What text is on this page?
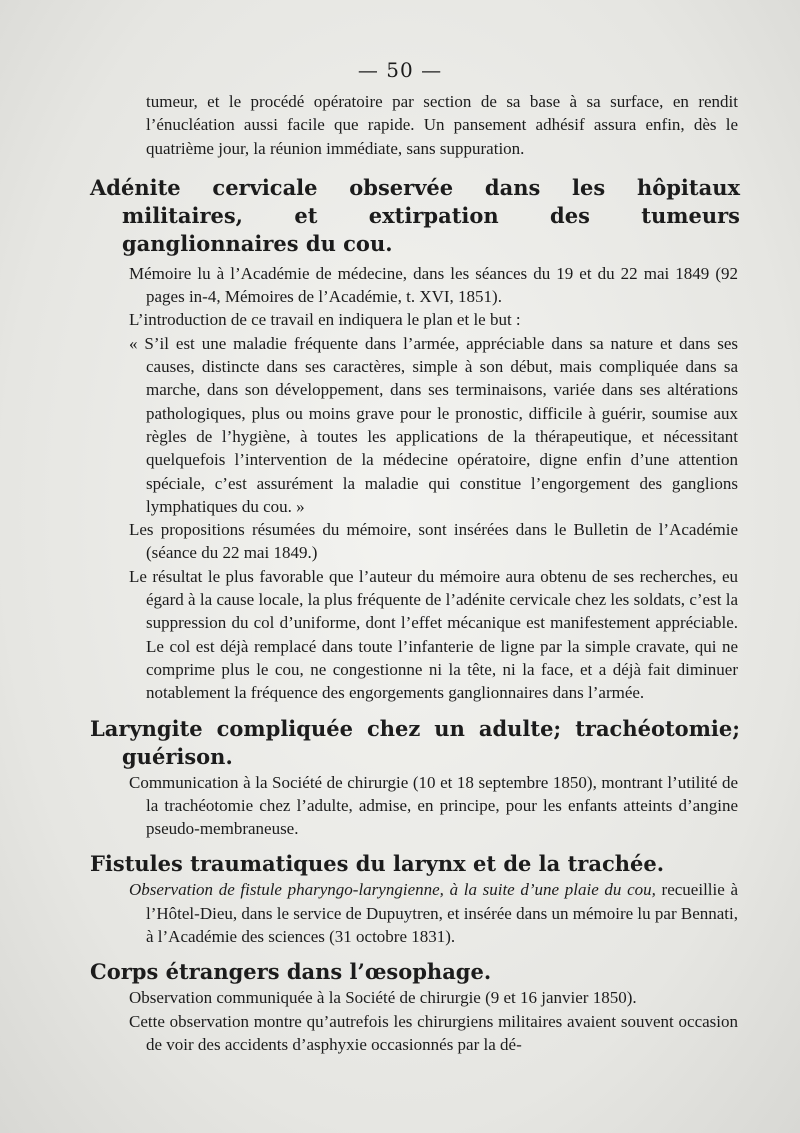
— 50 —

tumeur, et le procédé opératoire par section de sa base à sa surface, en rendit l’énucléation aussi facile que rapide. Un pansement adhésif assura enfin, dès le quatrième jour, la réunion immédiate, sans suppuration.

Adénite cervicale observée dans les hôpitaux militaires, et extirpation des tumeurs ganglionnaires du cou.

Mémoire lu à l’Académie de médecine, dans les séances du 19 et du 22 mai 1849 (92 pages in-4, Mémoires de l’Académie, t. XVI, 1851).

L’introduction de ce travail en indiquera le plan et le but :

« S’il est une maladie fréquente dans l’armée, appréciable dans sa nature et dans ses causes, distincte dans ses caractères, simple à son début, mais compliquée dans sa marche, dans son développement, dans ses terminaisons, variée dans ses altérations pathologiques, plus ou moins grave pour le pronostic, difficile à guérir, soumise aux règles de l’hygiène, à toutes les applications de la thérapeutique, et nécessitant quelquefois l’intervention de la médecine opératoire, digne enfin d’une attention spéciale, c’est assurément la maladie qui constitue l’engorgement des ganglions lymphatiques du cou. »

Les propositions résumées du mémoire, sont insérées dans le Bulletin de l’Académie (séance du 22 mai 1849.)

Le résultat le plus favorable que l’auteur du mémoire aura obtenu de ses recherches, eu égard à la cause locale, la plus fréquente de l’adénite cervicale chez les soldats, c’est la suppression du col d’uniforme, dont l’effet mécanique est manifestement appréciable. Le col est déjà remplacé dans toute l’infanterie de ligne par la simple cravate, qui ne comprime plus le cou, ne congestionne ni la tête, ni la face, et a déjà fait diminuer notablement la fréquence des engorgements ganglionnaires dans l’armée.

Laryngite compliquée chez un adulte; trachéotomie; guérison.

Communication à la Société de chirurgie (10 et 18 septembre 1850), montrant l’utilité de la trachéotomie chez l’adulte, admise, en principe, pour les enfants atteints d’angine pseudo-membraneuse.

Fistules traumatiques du larynx et de la trachée.

Observation de fistule pharyngo-laryngienne, à la suite d’une plaie du cou, recueillie à l’Hôtel-Dieu, dans le service de Dupuytren, et insérée dans un mémoire lu par Bennati, à l’Académie des sciences (31 octobre 1831).

Corps étrangers dans l’œsophage.

Observation communiquée à la Société de chirurgie (9 et 16 janvier 1850).

Cette observation montre qu’autrefois les chirurgiens militaires avaient souvent occasion de voir des accidents d’asphyxie occasionnés par la dé-
